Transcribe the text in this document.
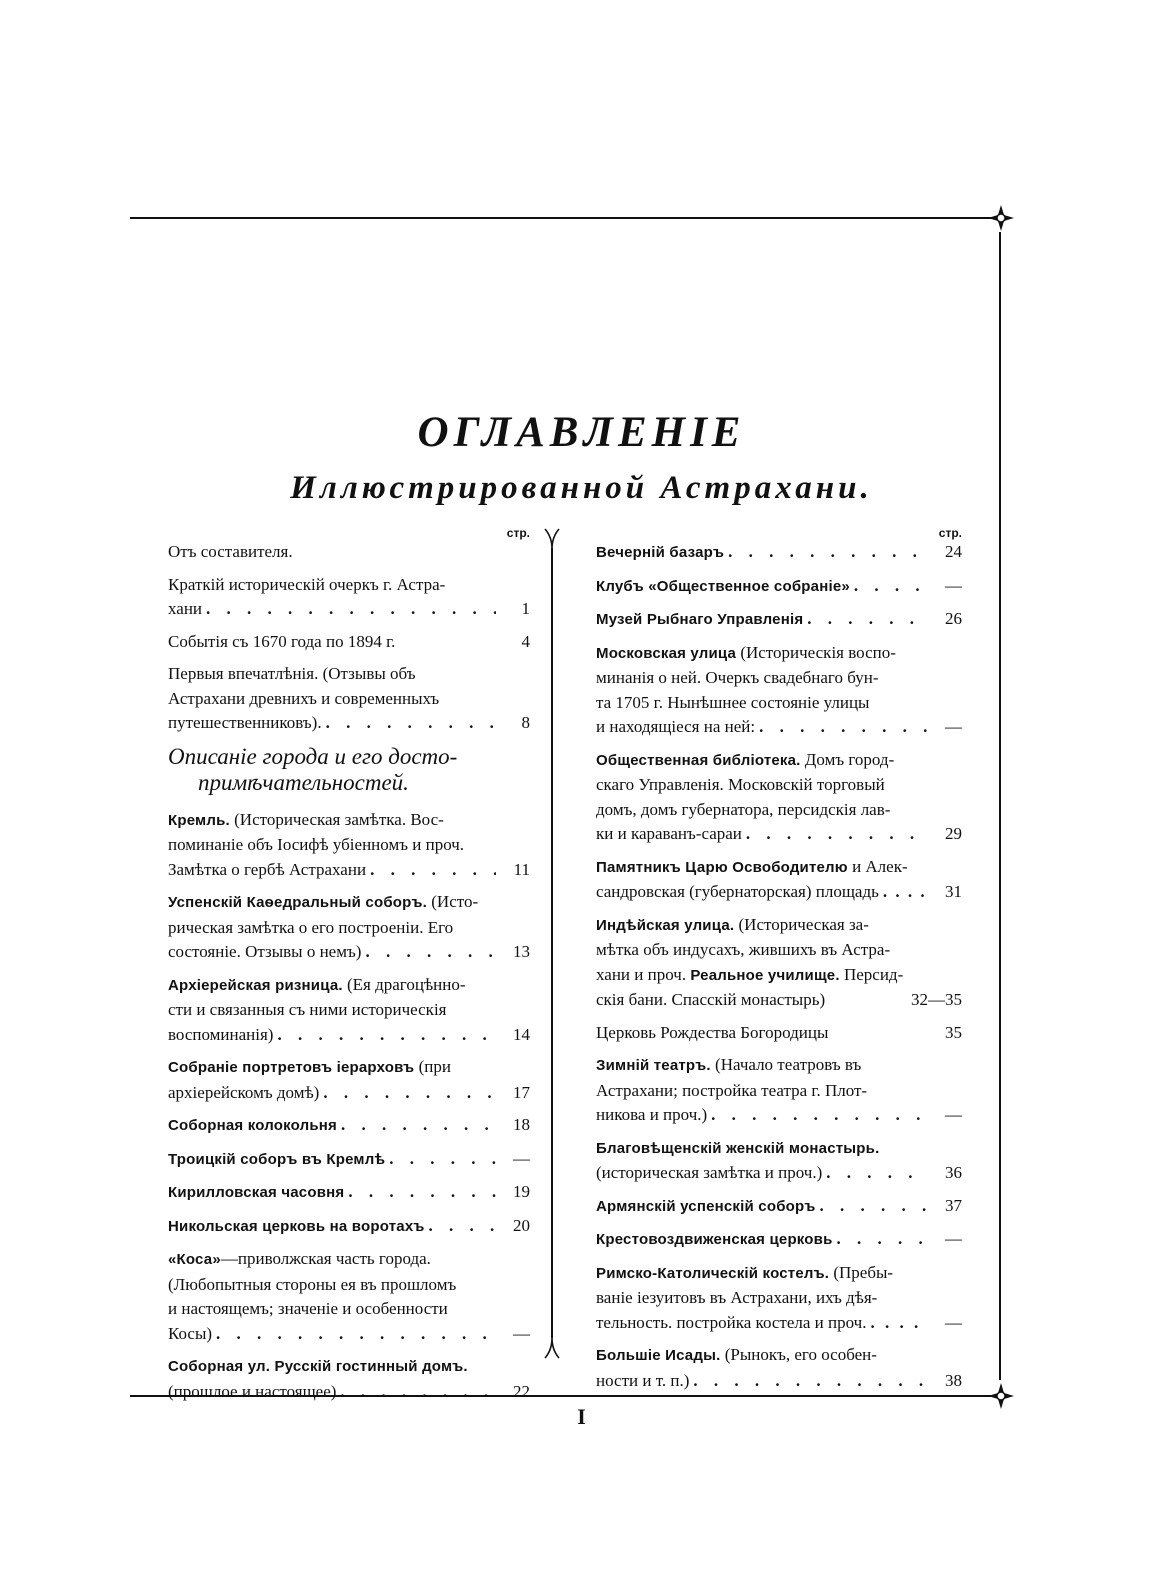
ОГЛАВЛЕНІЕ
Иллюстрированной Астрахани.
стр.
Отъ составителя.
Краткій историческій очеркъ г. Астра-
хани . . .	1
Событія съ 1670 года по 1894 г.	4
Первыя впечатлѣнія. (Отзывы объ
Астрахани древнихъ и современныхъ
путешественниковъ). . . .	8
Описаніе города и его досто-
примѣчательностей.
Кремль. (Историческая замѣтка. Вос-
поминаніе объ Іосифѣ убіенномъ и проч.
Замѣтка о гербѣ Астрахани . . .	11
Успенскій Каѳедральный соборъ. (Исто-
рическая замѣтка о его построеніи. Его
состояніе. Отзывы о немъ) . . .	13
Архіерейская ризница. (Ея драгоцѣнно-
сти и связанныя съ ними историческія
воспоминанія) . . .	14
Собраніе портретовъ іерарховъ (при
архіерейскомъ домѣ) . . .	17
Соборная колокольня . . .	18
Троицкій соборъ въ Кремлѣ . . .	—
Кирилловская часовня . . .	19
Никольская церковь на воротахъ . . .	20
«Коса»—приволжская часть города.
(Любопытныя стороны ея въ прошломъ
и настоящемъ; значеніе и особенности
Косы) . . .	—
Соборная ул. Русскій гостинный домъ.
(прошлое и настоящее) . . .	22
стр.
Вечерній базаръ . . .	24
Клубъ «Общественное собраніе» . . .	—
Музей Рыбнаго Управленія . . .	26
Московская улица (Историческія воспо-
минанія о ней. Очеркъ свадебнаго бун-
та 1705 г. Нынѣшнее состояніе улицы
и находящіеся на ней: . . .	—
Общественная библіотека. Домъ город-
скаго Управленія. Московскій торговый
домъ, домъ губернатора, персидскія лав-
ки и караванъ-сараи . . .	29
Памятникъ Царю Освободителю и Алек-
сандровская (губернаторская) площадь . . .	31
Индѣйская улица. (Историческая за-
мѣтка объ индусахъ, жившихъ въ Астра-
хани и проч. Реальное училище. Персид-
скія бани. Спасскій монастырь)	32—35
Церковь Рождества Богородицы	35
Зимній театръ. (Начало театровъ въ
Астрахани; постройка театра г. Плот-
никова и проч.) . . .	—
Благовѣщенскій женскій монастырь.
(историческая замѣтка и проч.) . . .	36
Армянскій успенскій соборъ . . .	37
Крестовоздвиженская церковь . . .	—
Римско-Католическій костелъ. (Пребы-
ваніе іезуитовъ въ Астрахани, ихъ дѣя-
тельность. постройка костела и проч. . . .	—
Большіе Исады. (Рынокъ, его особен-
ности и т. п.) . . .	38
I
